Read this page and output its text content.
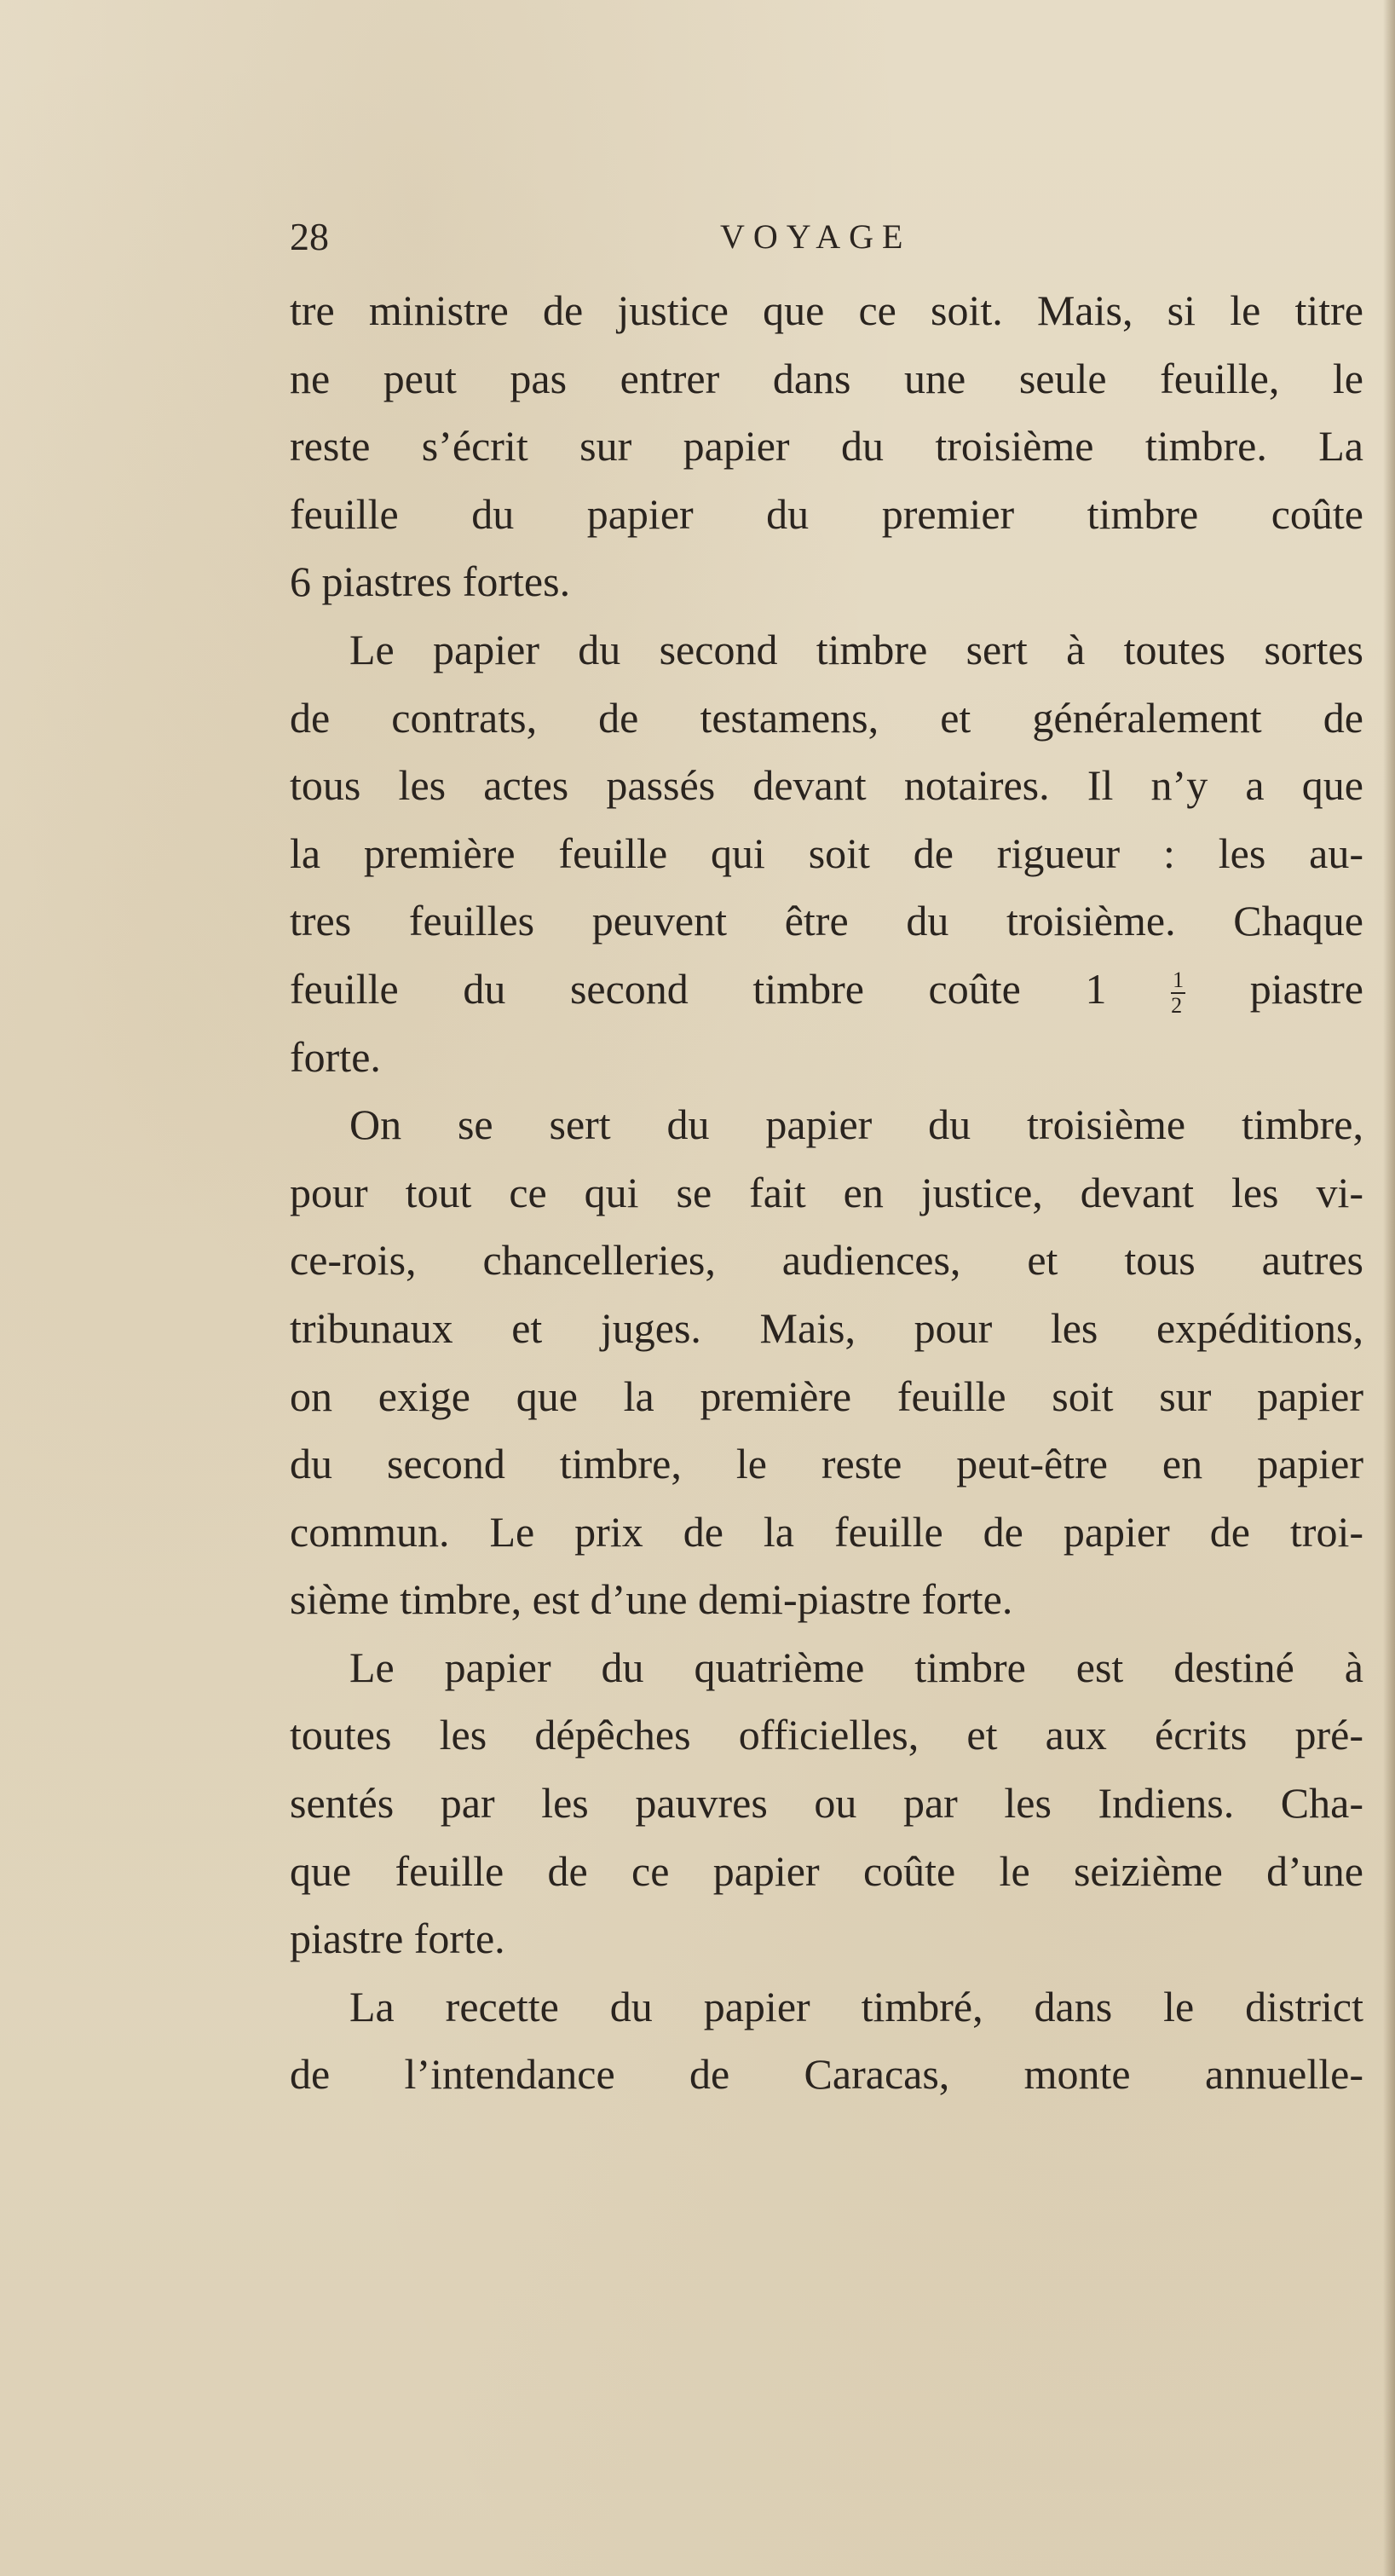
28	VOYAGE
tre ministre de justice que ce soit. Mais, si le titre
ne peut pas entrer dans une seule feuille, le
reste s’écrit sur papier du troisième timbre. La
feuille du papier du premier timbre coûte
6 piastres fortes.
Le papier du second timbre sert à toutes sortes
de contrats, de testamens, et généralement de
tous les actes passés devant notaires. Il n’y a que
la première feuille qui soit de rigueur : les au-
tres feuilles peuvent être du troisième. Chaque
feuille du second timbre coûte 1	$\frac{1}{2}$ piastre
forte.
On se sert du papier du troisième timbre,
pour tout ce qui se fait en justice, devant les vi-
ce-rois, chancelleries, audiences, et tous autres
tribunaux et juges. Mais, pour les expéditions,
on exige que la première feuille soit sur papier
du second timbre, le reste peut-être en papier
commun. Le prix de la feuille de papier de troi-
sième timbre, est d’une demi-piastre forte.
Le papier du quatrième timbre est destiné à
toutes les dépêches officielles, et aux écrits pré-
sentés par les pauvres ou par les Indiens. Cha-
que feuille de ce papier coûte le seizième d’une
piastre forte.
La recette du papier timbré, dans le district
de l’intendance de Caracas, monte annuelle-
